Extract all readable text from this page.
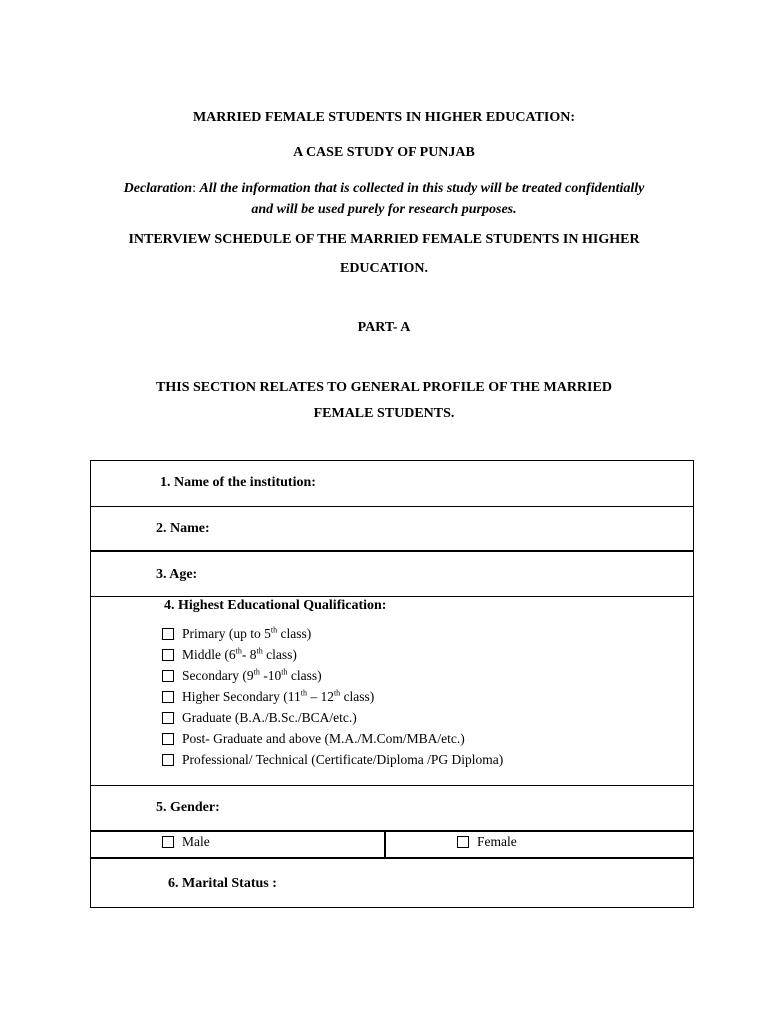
MARRIED FEMALE STUDENTS IN HIGHER EDUCATION:
A CASE STUDY OF PUNJAB
Declaration: All the information that is collected in this study will be treated confidentially
and will be used purely for research purposes.
INTERVIEW SCHEDULE OF THE MARRIED FEMALE STUDENTS IN HIGHER
EDUCATION.
PART- A
THIS SECTION RELATES TO GENERAL PROFILE OF THE MARRIED
FEMALE STUDENTS.
1. Name of the institution:
2. Name:
3. Age:
4. Highest Educational Qualification:
Primary (up to 5th class)
Middle (6th- 8th class)
Secondary (9th -10th class)
Higher Secondary (11th – 12th class)
Graduate (B.A./B.Sc./BCA/etc.)
Post- Graduate and above (M.A./M.Com/MBA/etc.)
Professional/ Technical (Certificate/Diploma /PG Diploma)
5. Gender:
Male	Female
6. Marital Status :
